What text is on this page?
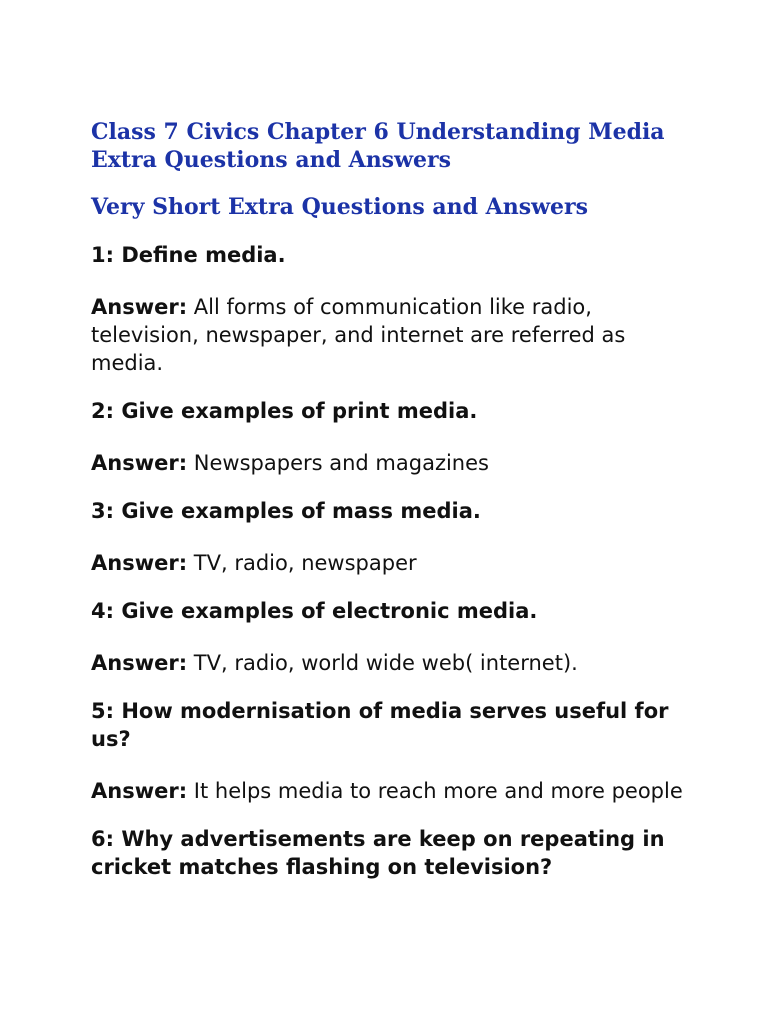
Class 7 Civics Chapter 6 Understanding Media Extra Questions and Answers
Very Short Extra Questions and Answers

1: Define media.

Answer: All forms of communication like radio, television, newspaper, and internet are referred as media.

2: Give examples of print media.

Answer: Newspapers and magazines

3: Give examples of mass media.

Answer: TV, radio, newspaper

4: Give examples of electronic media.

Answer: TV, radio, world wide web( internet).

5: How modernisation of media serves useful for us?

Answer: It helps media to reach more and more people

6: Why advertisements are keep on repeating in cricket matches flashing on television?
